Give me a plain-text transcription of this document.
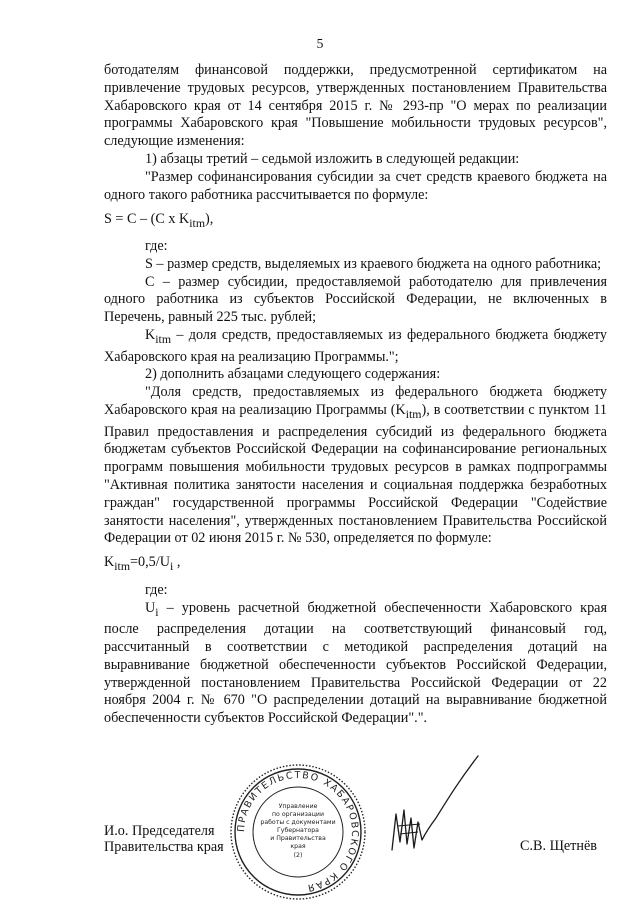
5

ботодателям финансовой поддержки, предусмотренной сертификатом на привлечение трудовых ресурсов, утвержденных постановлением Правительства Хабаровского края от 14 сентября 2015 г. № 293-пр "О мерах по реализации программы Хабаровского края "Повышение мобильности трудовых ресурсов", следующие изменения:

1) абзацы третий – седьмой изложить в следующей редакции:

"Размер софинансирования субсидии за счет средств краевого бюджета на одного такого работника рассчитывается по формуле:

S = C – (C x $K_{itm}$),

где:

S – размер средств, выделяемых из краевого бюджета на одного работника;

C – размер субсидии, предоставляемой работодателю для привлечения одного работника из субъектов Российской Федерации, не включенных в Перечень, равный 225 тыс. рублей;

$K_{itm}$ – доля средств, предоставляемых из федерального бюджета бюджету Хабаровского края на реализацию Программы.";

2) дополнить абзацами следующего содержания:

"Доля средств, предоставляемых из федерального бюджета бюджету Хабаровского края на реализацию Программы $(K_{itm})$, в соответствии с пунктом 11 Правил предоставления и распределения субсидий из федерального бюджета бюджетам субъектов Российской Федерации на софинансирование региональных программ повышения мобильности трудовых ресурсов в рамках подпрограммы "Активная политика занятости населения и социальная поддержка безработных граждан" государственной программы Российской Федерации "Содействие занятости населения", утвержденных постановлением Правительства Российской Федерации от 02 июня 2015 г. № 530, определяется по формуле:

$K_{itm}=0,5/U_i$ ,

где:

$U_i$ – уровень расчетной бюджетной обеспеченности Хабаровского края после распределения дотации на соответствующий финансовый год, рассчитанный в соответствии с методикой распределения дотаций на выравнивание бюджетной обеспеченности субъектов Российской Федерации, утвержденной постановлением Правительства Российской Федерации от 22 ноября 2004 г. № 670 "О распределении дотаций на выравнивание бюджетной обеспеченности субъектов Российской Федерации".".

И.о. Председателя
Правительства края
ПРАВИТЕЛЬСТВО ХАБАРОВСКОГО КРАЯ
Управление
по организации
работы с документами
Губернатора
и Правительства
края
(2)
С.В. Щетнёв
